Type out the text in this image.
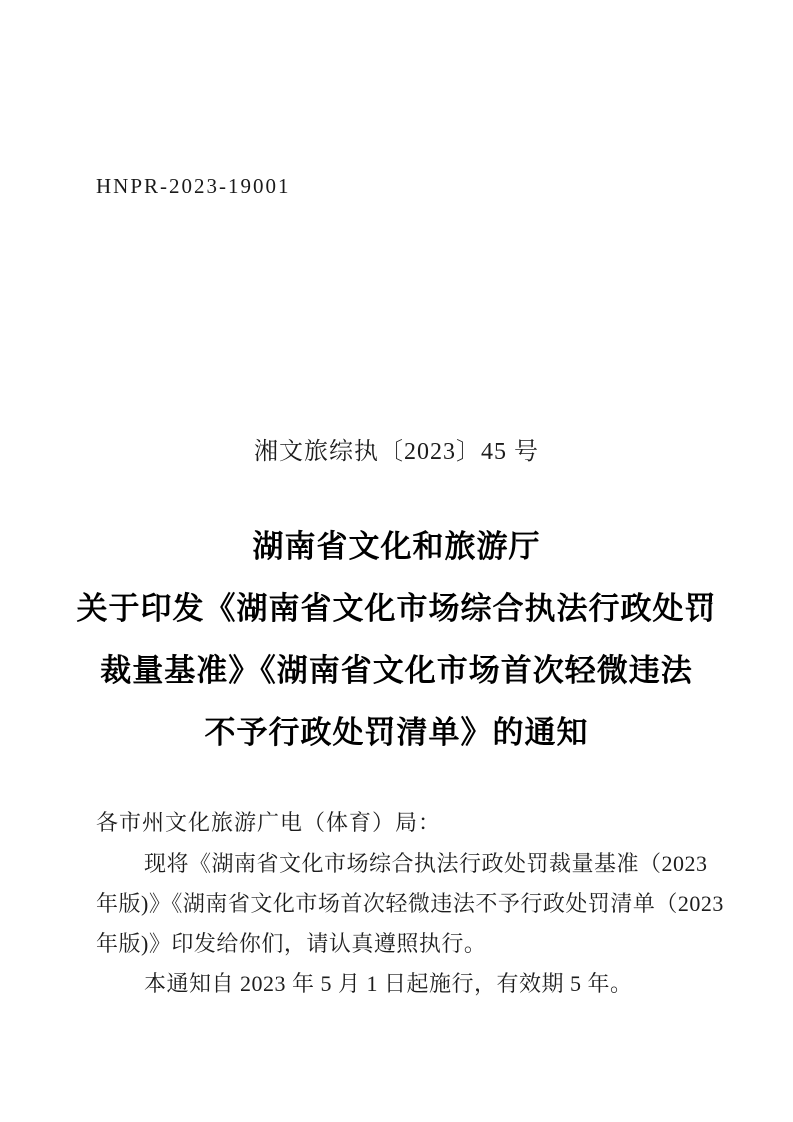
HNPR-2023-19001
湘文旅综执〔2023〕45 号
湖南省文化和旅游厅
关于印发《湖南省文化市场综合执法行政处罚
裁量基准》《湖南省文化市场首次轻微违法
不予行政处罚清单》的通知
各市州文化旅游广电（体育）局：
现将《湖南省文化市场综合执法行政处罚裁量基准（2023
年版)》《湖南省文化市场首次轻微违法不予行政处罚清单（2023
年版)》印发给你们，请认真遵照执行。
本通知自 2023 年 5 月 1 日起施行，有效期 5 年。
